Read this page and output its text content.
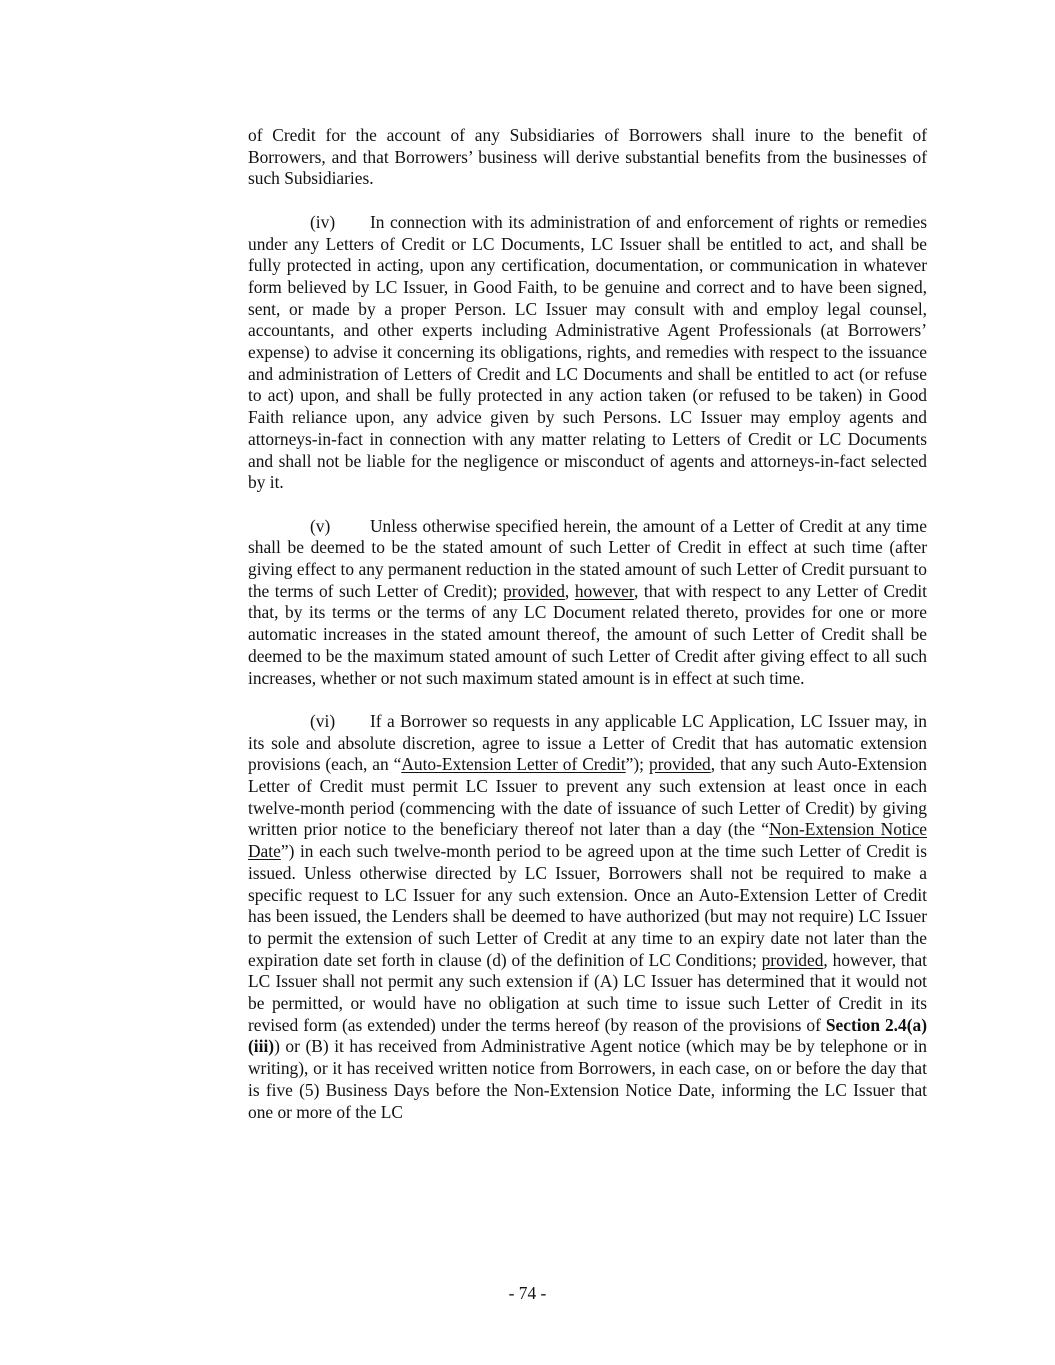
of Credit for the account of any Subsidiaries of Borrowers shall inure to the benefit of Borrowers, and that Borrowers’ business will derive substantial benefits from the businesses of such Subsidiaries.

(iv) In connection with its administration of and enforcement of rights or remedies under any Letters of Credit or LC Documents, LC Issuer shall be entitled to act, and shall be fully protected in acting, upon any certification, documentation, or communication in whatever form believed by LC Issuer, in Good Faith, to be genuine and correct and to have been signed, sent, or made by a proper Person. LC Issuer may consult with and employ legal counsel, accountants, and other experts including Administrative Agent Professionals (at Borrowers’ expense) to advise it concerning its obligations, rights, and remedies with respect to the issuance and administration of Letters of Credit and LC Documents and shall be entitled to act (or refuse to act) upon, and shall be fully protected in any action taken (or refused to be taken) in Good Faith reliance upon, any advice given by such Persons. LC Issuer may employ agents and attorneys-in-fact in connection with any matter relating to Letters of Credit or LC Documents and shall not be liable for the negligence or misconduct of agents and attorneys-in-fact selected by it.

(v) Unless otherwise specified herein, the amount of a Letter of Credit at any time shall be deemed to be the stated amount of such Letter of Credit in effect at such time (after giving effect to any permanent reduction in the stated amount of such Letter of Credit pursuant to the terms of such Letter of Credit); provided, however, that with respect to any Letter of Credit that, by its terms or the terms of any LC Document related thereto, provides for one or more automatic increases in the stated amount thereof, the amount of such Letter of Credit shall be deemed to be the maximum stated amount of such Letter of Credit after giving effect to all such increases, whether or not such maximum stated amount is in effect at such time.

(vi) If a Borrower so requests in any applicable LC Application, LC Issuer may, in its sole and absolute discretion, agree to issue a Letter of Credit that has automatic extension provisions (each, an “Auto-Extension Letter of Credit”); provided, that any such Auto-Extension Letter of Credit must permit LC Issuer to prevent any such extension at least once in each twelve-month period (commencing with the date of issuance of such Letter of Credit) by giving written prior notice to the beneficiary thereof not later than a day (the “Non-Extension Notice Date”) in each such twelve-month period to be agreed upon at the time such Letter of Credit is issued. Unless otherwise directed by LC Issuer, Borrowers shall not be required to make a specific request to LC Issuer for any such extension. Once an Auto-Extension Letter of Credit has been issued, the Lenders shall be deemed to have authorized (but may not require) LC Issuer to permit the extension of such Letter of Credit at any time to an expiry date not later than the expiration date set forth in clause (d) of the definition of LC Conditions; provided, however, that LC Issuer shall not permit any such extension if (A) LC Issuer has determined that it would not be permitted, or would have no obligation at such time to issue such Letter of Credit in its revised form (as extended) under the terms hereof (by reason of the provisions of Section 2.4(a)(iii)) or (B) it has received from Administrative Agent notice (which may be by telephone or in writing), or it has received written notice from Borrowers, in each case, on or before the day that is five (5) Business Days before the Non-Extension Notice Date, informing the LC Issuer that one or more of the LC

- 74 -
